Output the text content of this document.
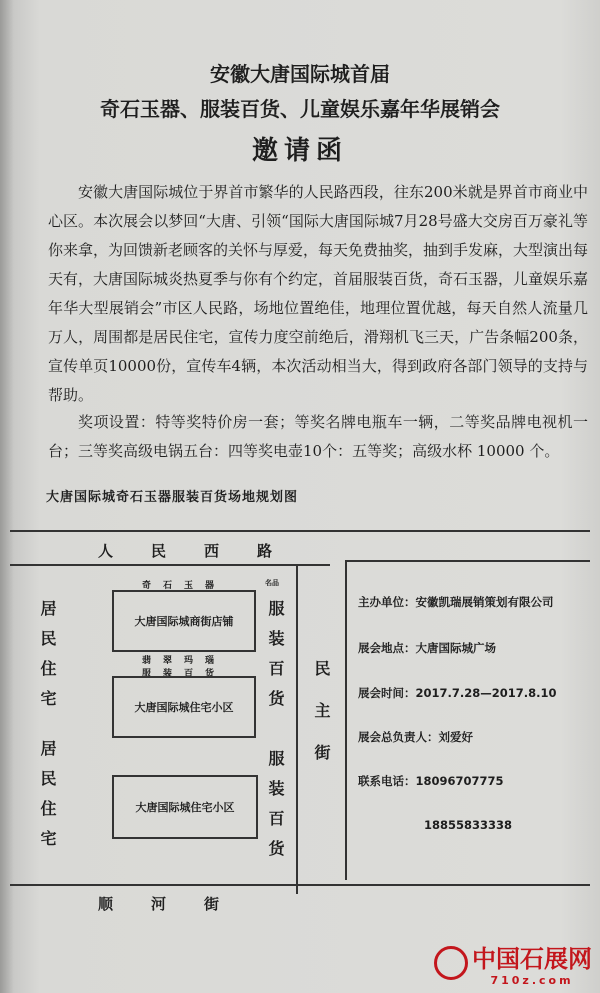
安徽大唐国际城首届
奇石玉器、服装百货、儿童娱乐嘉年华展销会
邀请函
安徽大唐国际城位于界首市繁华的人民路西段，往东200米就是界首市商业中心区。本次展会以梦回“大唐、引领“国际大唐国际城7月28号盛大交房百万豪礼等你来拿，为回馈新老顾客的关怀与厚爱，每天免费抽奖，抽到手发麻，大型演出每天有，大唐国际城炎热夏季与你有个约定，首届服装百货，奇石玉器，儿童娱乐嘉年华大型展销会”市区人民路，场地位置绝佳，地理位置优越，每天自然人流量几万人，周围都是居民住宅，宣传力度空前绝后，滑翔机飞三天，广告条幅200条，宣传单页10000份，宣传车4辆，本次活动相当大，得到政府各部门领导的支持与帮助。
奖项设置：特等奖特价房一套；等奖名牌电瓶车一辆，二等奖品牌电视机一台；三等奖高级电锅五台：四等奖电壶10个：五等奖；高级水杯 10000 个。
大唐国际城奇石玉器服装百货场地规划图
人民西路
顺河街
民主街
居民住宅
居民住宅
奇石玉器	名品
大唐国际城商街店铺
翡翠玛瑙
服装百货
大唐国际城住宅小区
大唐国际城住宅小区
服装百货
服装百货
主办单位：安徽凯瑞展销策划有限公司
展会地点：大唐国际城广场
展会时间：2017.7.28—2017.8.10
展会总负责人：刘爱好
联系电话：18096707775
18855833338
中国石展网
710z.com
